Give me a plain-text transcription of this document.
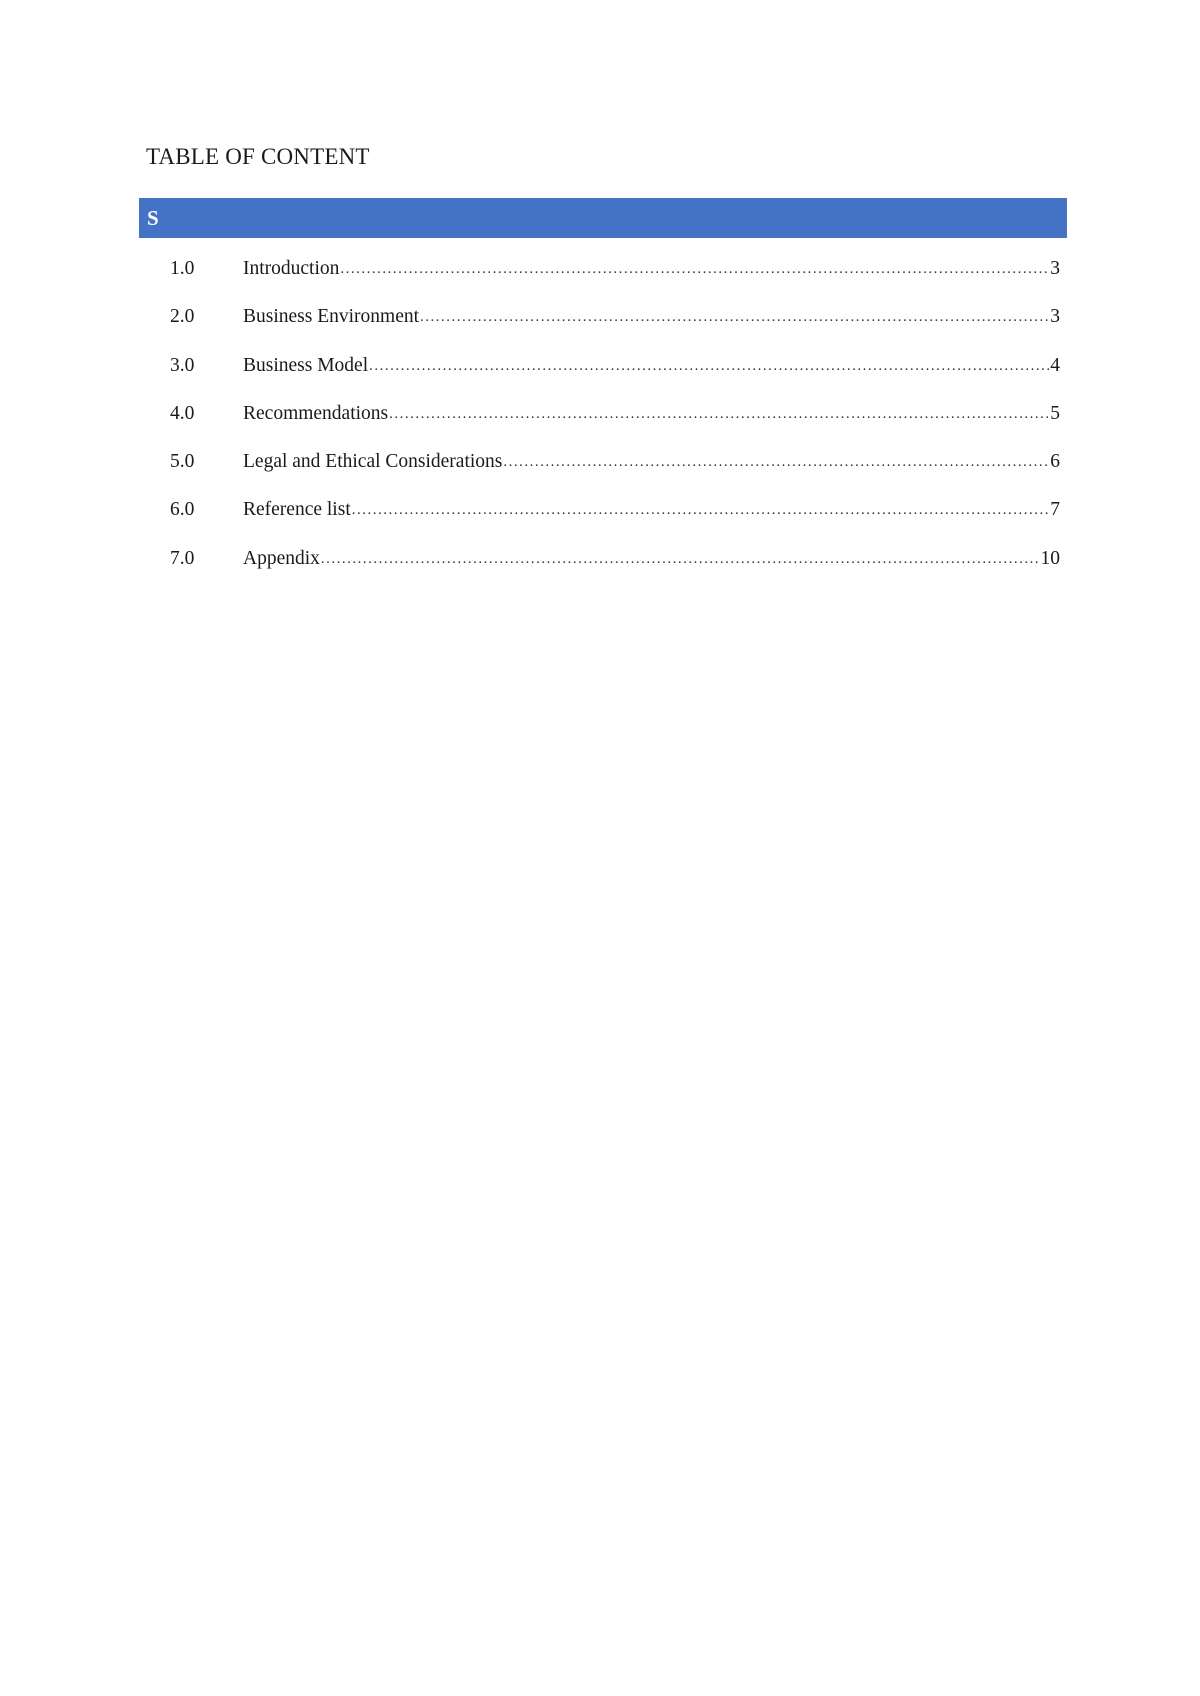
TABLE OF CONTENT
S
1.0	Introduction .....	3
2.0	Business Environment .....	3
3.0	Business Model .....	4
4.0	Recommendations .....	5
5.0	Legal and Ethical Considerations .....	6
6.0	Reference list .....	7
7.0	Appendix .....	10
